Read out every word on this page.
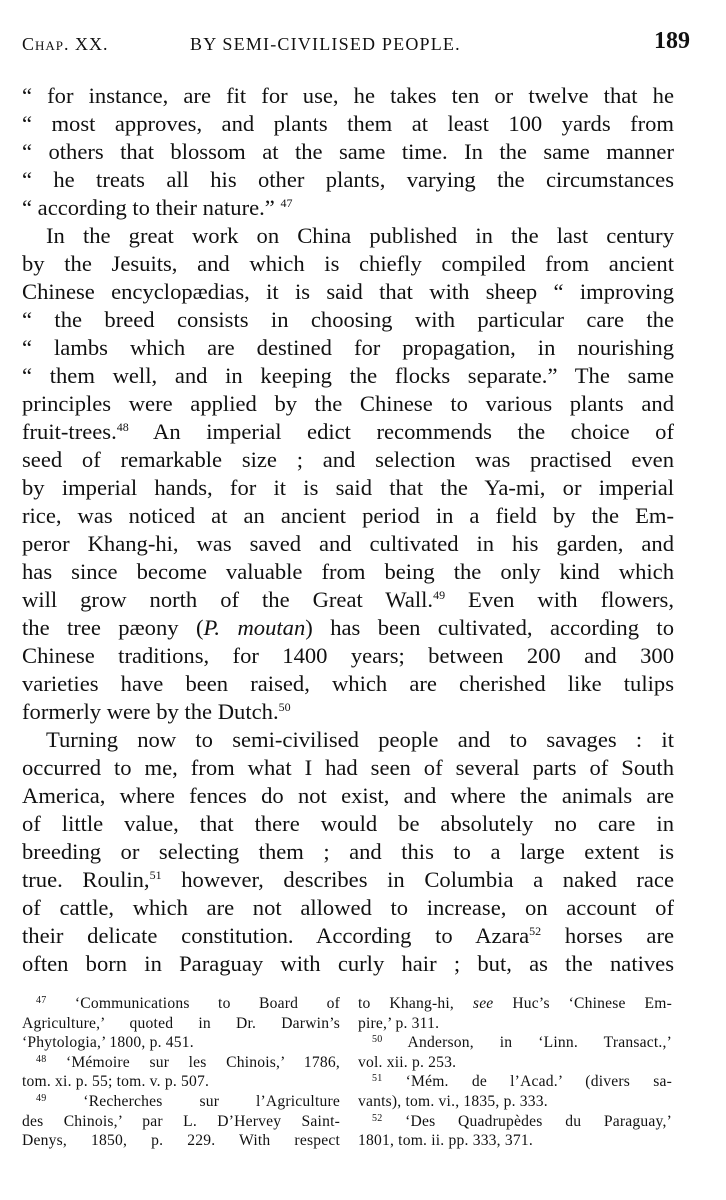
Chap. XX.	BY SEMI-CIVILISED PEOPLE.	189
“ for instance, are fit for use, he takes ten or twelve that he
“ most approves, and plants them at least 100 yards from
“ others that blossom at the same time. In the same manner
“ he treats all his other plants, varying the circumstances
“ according to their nature.” $^{47}$
In the great work on China published in the last century
by the Jesuits, and which is chiefly compiled from ancient
Chinese encyclopædias, it is said that with sheep “ improving
“ the breed consists in choosing with particular care the
“ lambs which are destined for propagation, in nourishing
“ them well, and in keeping the flocks separate.” The same
principles were applied by the Chinese to various plants and
fruit-trees.$^{48}$ An imperial edict recommends the choice of
seed of remarkable size ; and selection was practised even
by imperial hands, for it is said that the Ya-mi, or imperial
rice, was noticed at an ancient period in a field by the Em-
peror Khang-hi, was saved and cultivated in his garden, and
has since become valuable from being the only kind which
will grow north of the Great Wall.$^{49}$ Even with flowers,
the tree pæony (P. moutan) has been cultivated, according to
Chinese traditions, for 1400 years; between 200 and 300
varieties have been raised, which are cherished like tulips
formerly were by the Dutch.$^{50}$
Turning now to semi-civilised people and to savages : it
occurred to me, from what I had seen of several parts of South
America, where fences do not exist, and where the animals are
of little value, that there would be absolutely no care in
breeding or selecting them ; and this to a large extent is
true. Roulin,$^{51}$ however, describes in Columbia a naked race
of cattle, which are not allowed to increase, on account of
their delicate constitution. According to Azara$^{52}$ horses are
often born in Paraguay with curly hair ; but, as the natives
$^{47}$ ‘Communications to Board of
Agriculture,’ quoted in Dr. Darwin’s
‘Phytologia,’ 1800, p. 451.
$^{48}$ ‘Mémoire sur les Chinois,’ 1786,
tom. xi. p. 55; tom. v. p. 507.
$^{49}$ ‘Recherches sur l’Agriculture
des Chinois,’ par L. D’Hervey Saint-
Denys, 1850, p. 229. With respect
to Khang-hi, see Huc’s ‘Chinese Em-
pire,’ p. 311.
$^{50}$ Anderson, in ‘Linn. Transact.,’
vol. xii. p. 253.
$^{51}$ ‘Mém. de l’Acad.’ (divers sa-
vants), tom. vi., 1835, p. 333.
$^{52}$ ‘Des Quadrupèdes du Paraguay,’
1801, tom. ii. pp. 333, 371.
